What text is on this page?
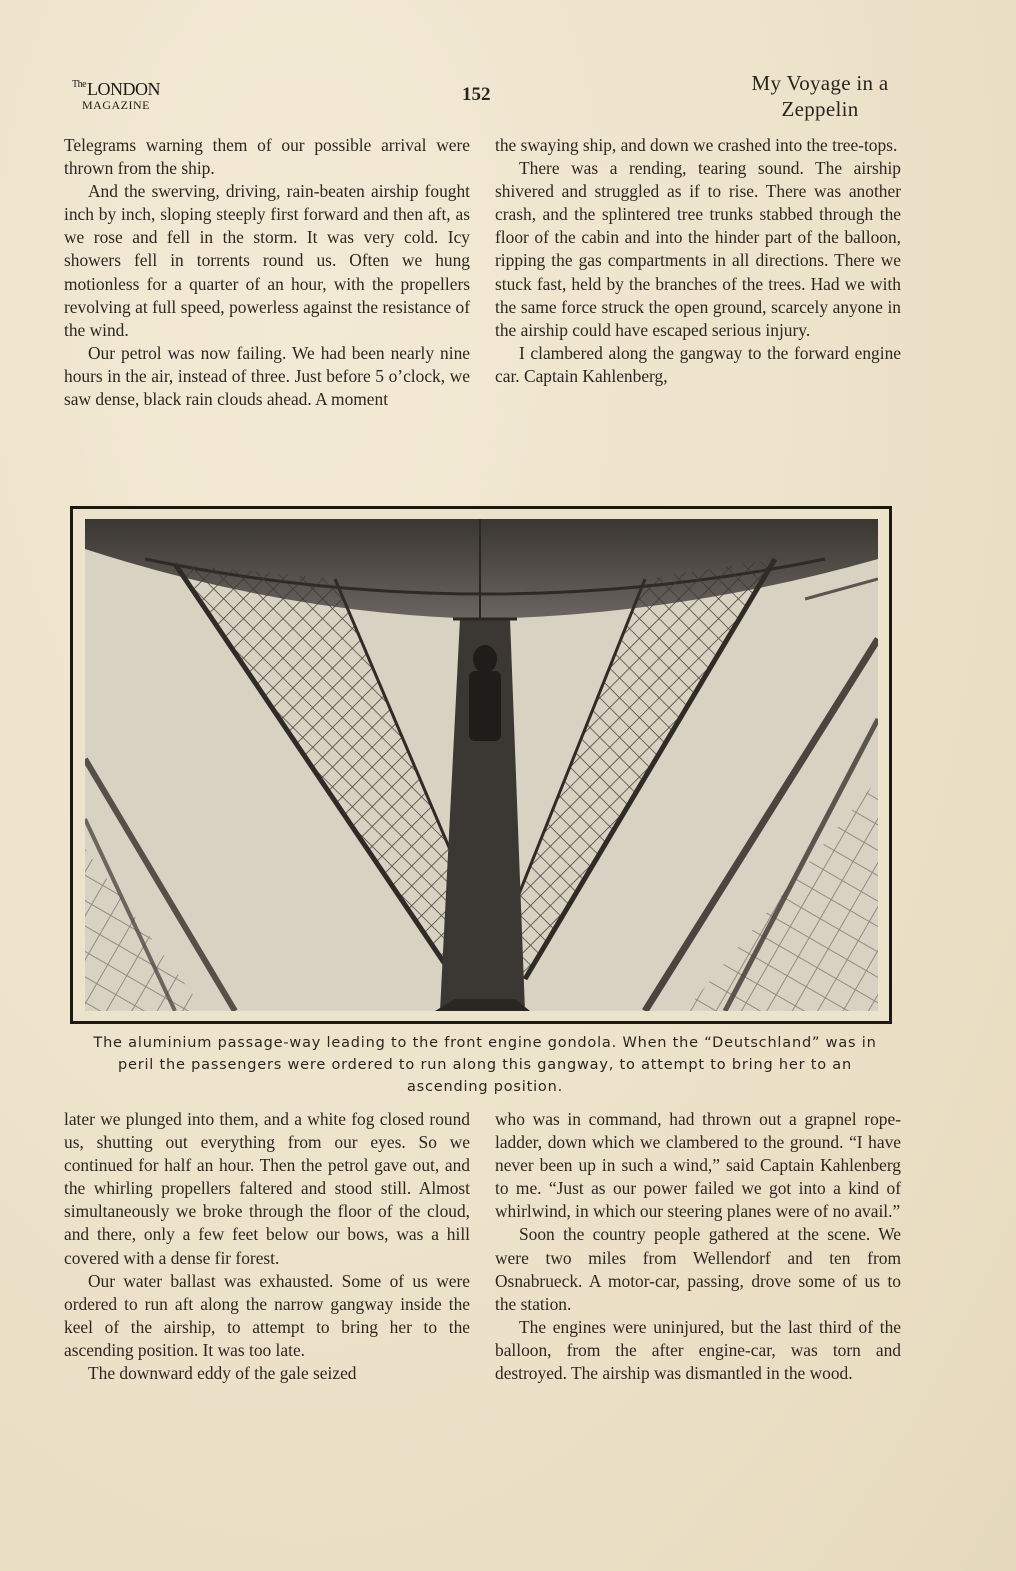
$^{The}$LONDON
MAGAZINE	152	My Voyage in a
Zeppelin

Telegrams warning them of our possible arrival were thrown from the ship.

And the swerving, driving, rain-beaten airship fought inch by inch, sloping steeply first forward and then aft, as we rose and fell in the storm. It was very cold. Icy showers fell in torrents round us. Often we hung motionless for a quarter of an hour, with the propellers revolving at full speed, powerless against the resistance of the wind.

Our petrol was now failing. We had been nearly nine hours in the air, instead of three. Just before 5 o’clock, we saw dense, black rain clouds ahead. A moment

the swaying ship, and down we crashed into the tree-tops.

There was a rending, tearing sound. The airship shivered and struggled as if to rise. There was another crash, and the splintered tree trunks stabbed through the floor of the cabin and into the hinder part of the balloon, ripping the gas compartments in all directions. There we stuck fast, held by the branches of the trees. Had we with the same force struck the open ground, scarcely anyone in the airship could have escaped serious injury.

I clambered along the gangway to the forward engine car. Captain Kahlenberg,

The aluminium passage-way leading to the front engine gondola. When the “Deutschland” was in peril the passengers were ordered to run along this gangway, to attempt to bring her to an ascending position.

later we plunged into them, and a white fog closed round us, shutting out everything from our eyes. So we continued for half an hour. Then the petrol gave out, and the whirling propellers faltered and stood still. Almost simultaneously we broke through the floor of the cloud, and there, only a few feet below our bows, was a hill covered with a dense fir forest.

Our water ballast was exhausted. Some of us were ordered to run aft along the narrow gangway inside the keel of the airship, to attempt to bring her to the ascending position. It was too late.

The downward eddy of the gale seized

who was in command, had thrown out a grapnel rope-ladder, down which we clambered to the ground. “I have never been up in such a wind,” said Captain Kahlenberg to me. “Just as our power failed we got into a kind of whirlwind, in which our steering planes were of no avail.”

Soon the country people gathered at the scene. We were two miles from Wellendorf and ten from Osnabrueck. A motor-car, passing, drove some of us to the station.

The engines were uninjured, but the last third of the balloon, from the after engine-car, was torn and destroyed. The airship was dismantled in the wood.
